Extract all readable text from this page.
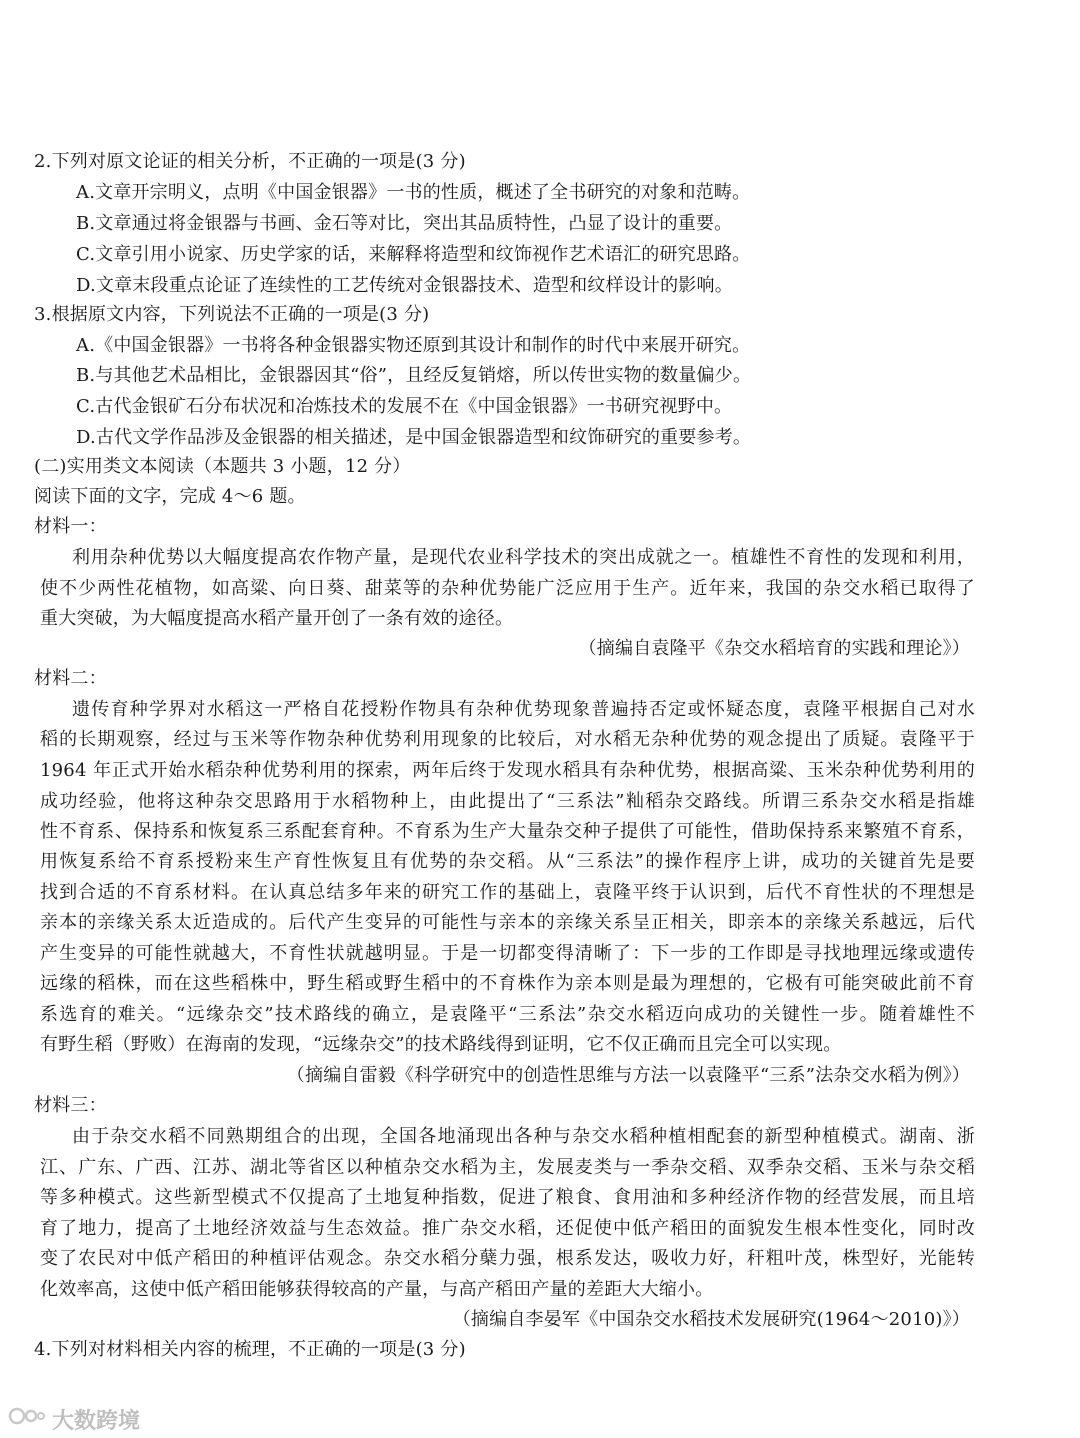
2.下列对原文论证的相关分析，不正确的一项是(3 分)
A.文章开宗明义，点明《中国金银器》一书的性质，概述了全书研究的对象和范畴。
B.文章通过将金银器与书画、金石等对比，突出其品质特性，凸显了设计的重要。
C.文章引用小说家、历史学家的话，来解释将造型和纹饰视作艺术语汇的研究思路。
D.文章末段重点论证了连续性的工艺传统对金银器技术、造型和纹样设计的影响。
3.根据原文内容，下列说法不正确的一项是(3 分)
A.《中国金银器》一书将各种金银器实物还原到其设计和制作的时代中来展开研究。
B.与其他艺术品相比，金银器因其“俗”，且经反复销熔，所以传世实物的数量偏少。
C.古代金银矿石分布状况和冶炼技术的发展不在《中国金银器》一书研究视野中。
D.古代文学作品涉及金银器的相关描述，是中国金银器造型和纹饰研究的重要参考。
(二)实用类文本阅读（本题共 3 小题，12 分）
阅读下面的文字，完成 4～6 题。
材料一：
利用杂种优势以大幅度提高农作物产量，是现代农业科学技术的突出成就之一。植雄性不育性的发现和利用，
使不少两性花植物，如高粱、向日葵、甜菜等的杂种优势能广泛应用于生产。近年来，我国的杂交水稻已取得了
重大突破，为大幅度提高水稻产量开创了一条有效的途径。
（摘编自袁隆平《杂交水稻培育的实践和理论》）
材料二：
遗传育种学界对水稻这一严格自花授粉作物具有杂种优势现象普遍持否定或怀疑态度，袁隆平根据自己对水
稻的长期观察，经过与玉米等作物杂种优势利用现象的比较后，对水稻无杂种优势的观念提出了质疑。袁隆平于
1964 年正式开始水稻杂种优势利用的探索，两年后终于发现水稻具有杂种优势，根据高粱、玉米杂种优势利用的
成功经验，他将这种杂交思路用于水稻物种上，由此提出了“三系法”籼稻杂交路线。所谓三系杂交水稻是指雄
性不育系、保持系和恢复系三系配套育种。不育系为生产大量杂交种子提供了可能性，借助保持系来繁殖不育系，
用恢复系给不育系授粉来生产育性恢复且有优势的杂交稻。从“三系法”的操作程序上讲，成功的关键首先是要
找到合适的不育系材料。在认真总结多年来的研究工作的基础上，袁隆平终于认识到，后代不育性状的不理想是
亲本的亲缘关系太近造成的。后代产生变异的可能性与亲本的亲缘关系呈正相关，即亲本的亲缘关系越远，后代
产生变异的可能性就越大，不育性状就越明显。于是一切都变得清晰了：下一步的工作即是寻找地理远缘或遗传
远缘的稻株，而在这些稻株中，野生稻或野生稻中的不育株作为亲本则是最为理想的，它极有可能突破此前不育
系选育的难关。“远缘杂交”技术路线的确立，是袁隆平“三系法”杂交水稻迈向成功的关键性一步。随着雄性不
有野生稻（野败）在海南的发现，“远缘杂交”的技术路线得到证明，它不仅正确而且完全可以实现。
（摘编自雷毅《科学研究中的创造性思维与方法一以袁隆平“三系”法杂交水稻为例》）
材料三：
由于杂交水稻不同熟期组合的出现，全国各地涌现出各种与杂交水稻种植相配套的新型种植模式。湖南、浙
江、广东、广西、江苏、湖北等省区以种植杂交水稻为主，发展麦类与一季杂交稻、双季杂交稻、玉米与杂交稻
等多种模式。这些新型模式不仅提高了土地复种指数，促进了粮食、食用油和多种经济作物的经营发展，而且培
育了地力，提高了土地经济效益与生态效益。推广杂交水稻，还促使中低产稻田的面貌发生根本性变化，同时改
变了农民对中低产稻田的种植评估观念。杂交水稻分蘖力强，根系发达，吸收力好，秆粗叶茂，株型好，光能转
化效率高，这使中低产稻田能够获得较高的产量，与高产稻田产量的差距大大缩小。
（摘编自李晏军《中国杂交水稻技术发展研究(1964～2010)》）
4.下列对材料相关内容的梳理，不正确的一项是(3 分)
大数跨境
